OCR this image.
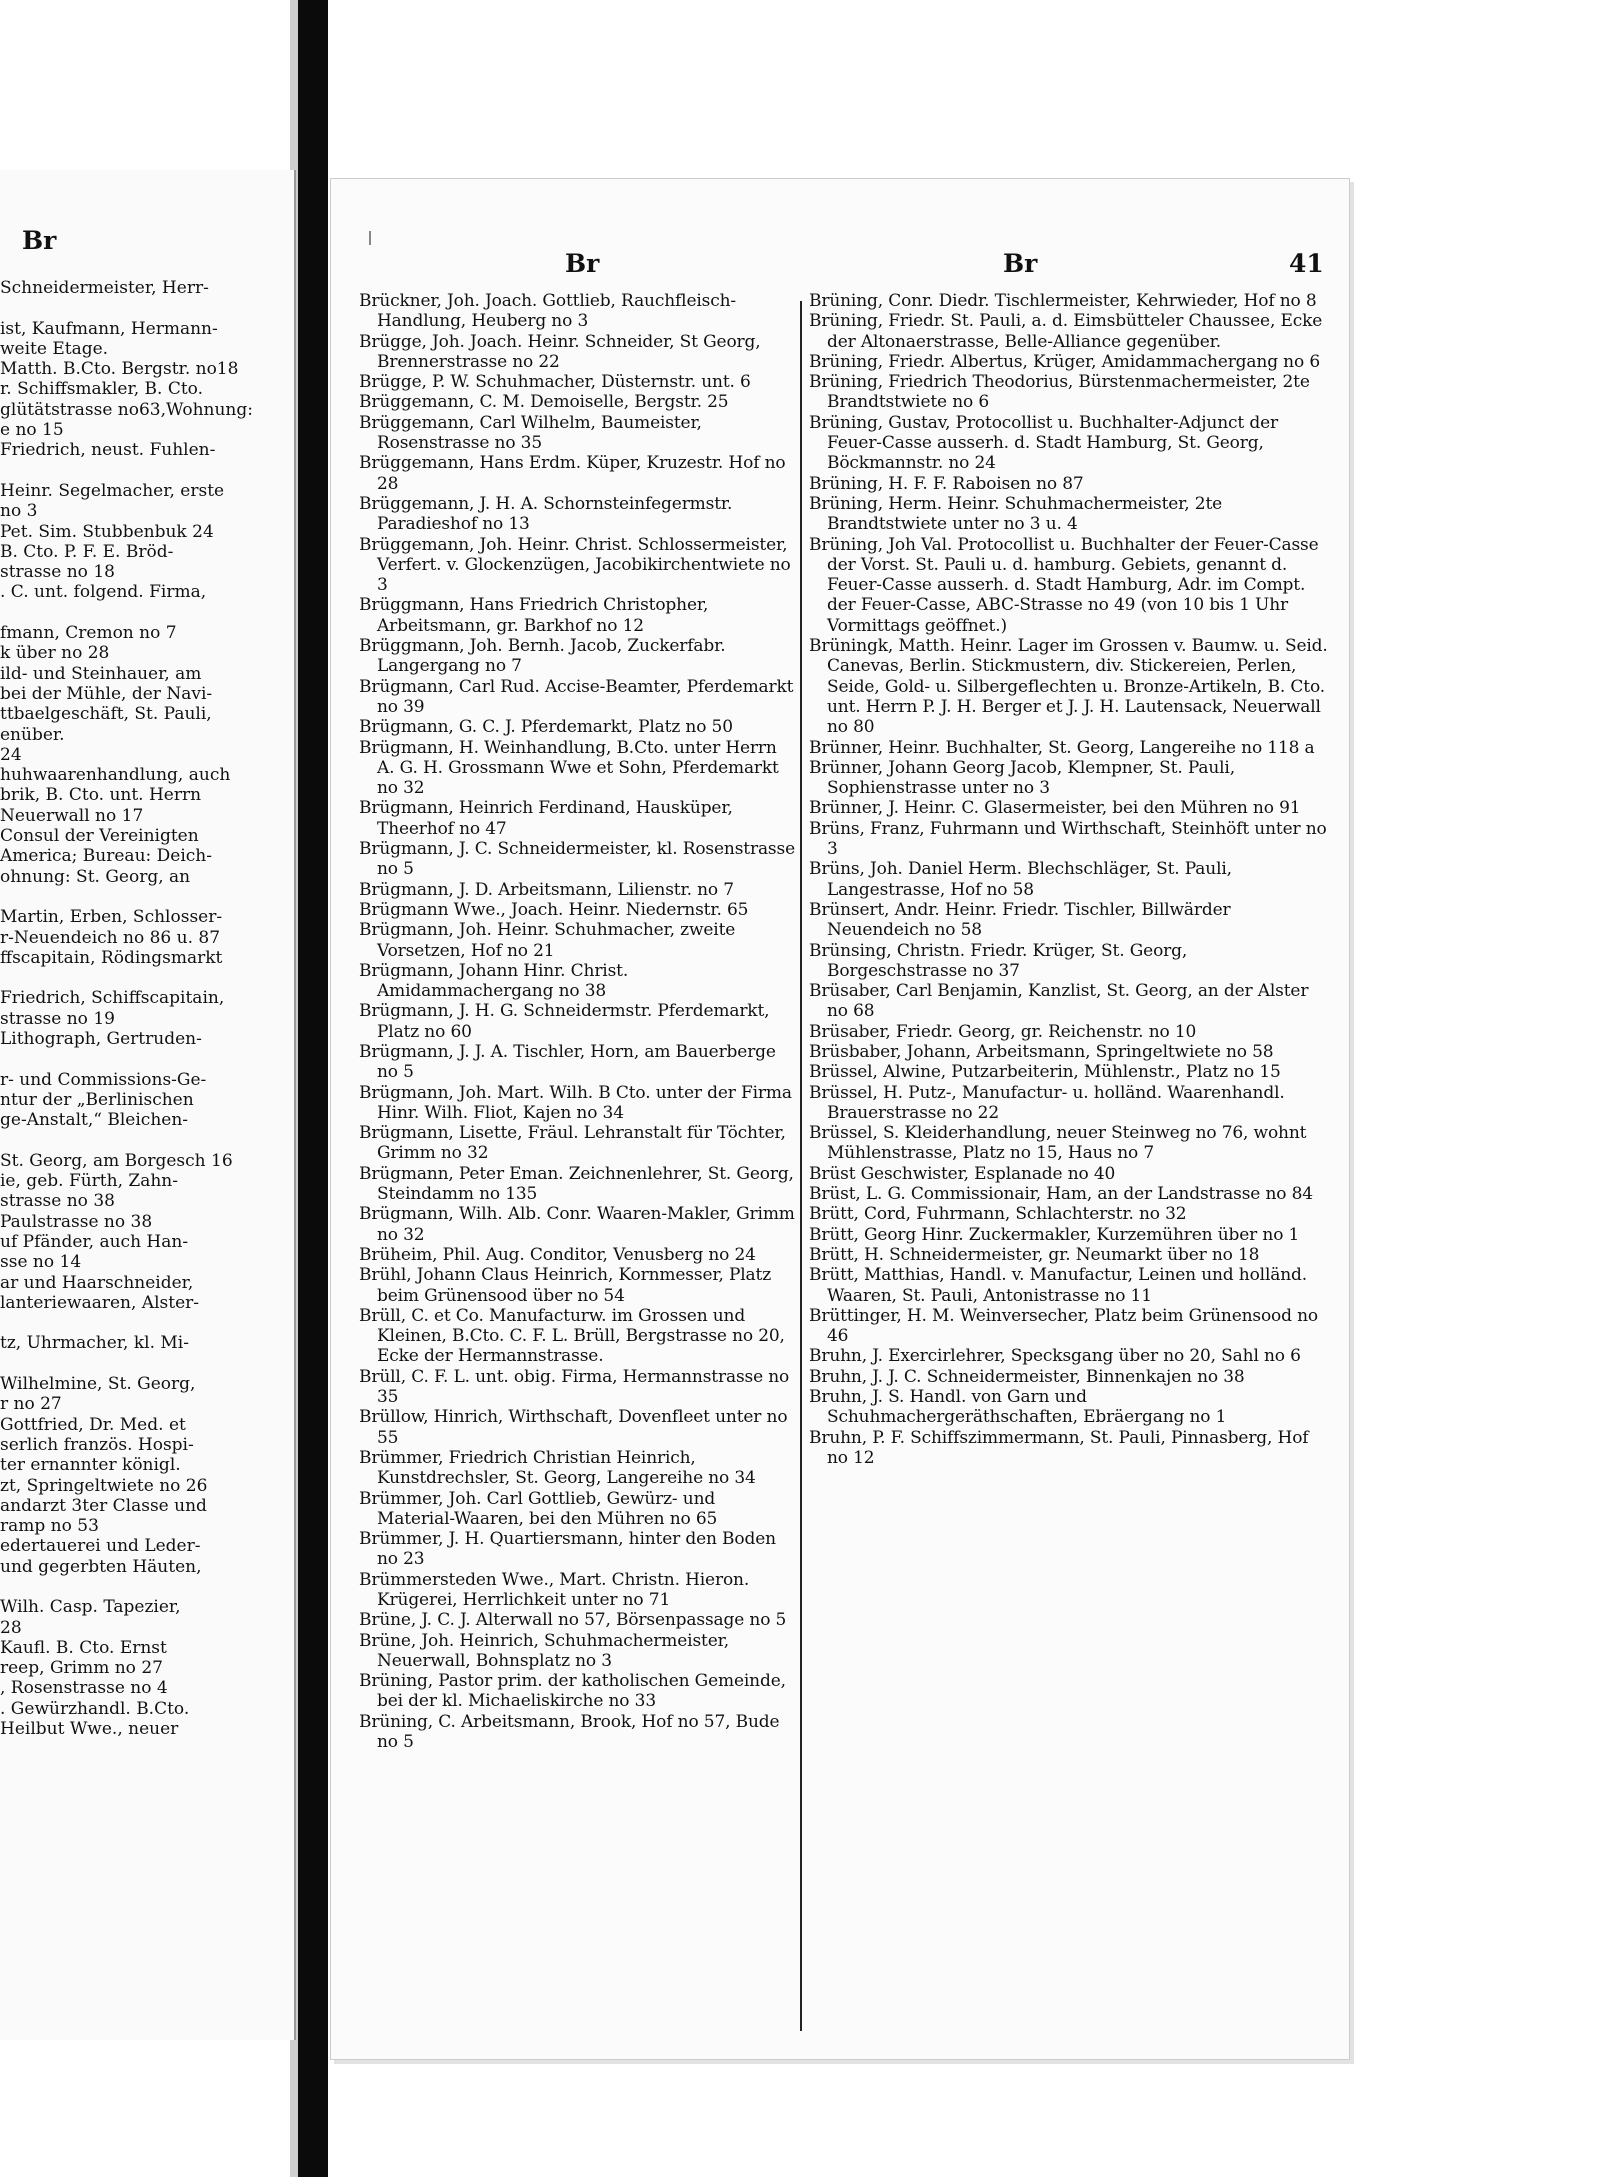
Br
Schneidermeister, Herr-

ist, Kaufmann, Hermann-
weite Etage.
Matth. B.Cto. Bergstr. no18
r. Schiffsmakler, B. Cto.
glütätstrasse no63,Wohnung:
e no 15
Friedrich, neust. Fuhlen-

Heinr. Segelmacher, erste
no 3
Pet. Sim. Stubbenbuk 24
B. Cto. P. F. E. Bröd-
strasse no 18
. C. unt. folgend. Firma,

fmann, Cremon no 7
k über no 28
ild- und Steinhauer, am
bei der Mühle, der Navi-
ttbaelgeschäft, St. Pauli,
enüber.
24
huhwaarenhandlung, auch
brik, B. Cto. unt. Herrn
Neuerwall no 17
Consul der Vereinigten
America; Bureau: Deich-
ohnung: St. Georg, an

Martin, Erben, Schlosser-
r-Neuendeich no 86 u. 87
ffscapitain, Rödingsmarkt

Friedrich, Schiffscapitain,
strasse no 19
Lithograph, Gertruden-

r- und Commissions-Ge-
ntur der „Berlinischen
ge-Anstalt,“ Bleichen-

St. Georg, am Borgesch 16
ie, geb. Fürth, Zahn-
strasse no 38
Paulstrasse no 38
uf Pfänder, auch Han-
sse no 14
ar und Haarschneider,
lanteriewaaren, Alster-

tz, Uhrmacher, kl. Mi-

Wilhelmine, St. Georg,
r no 27
Gottfried, Dr. Med. et
serlich französ. Hospi-
ter ernannter königl.
zt, Springeltwiete no 26
andarzt 3ter Classe und
ramp no 53
edertauerei und Leder-
und gegerbten Häuten,

Wilh. Casp. Tapezier,
28
Kaufl. B. Cto. Ernst
reep, Grimm no 27
, Rosenstrasse no 4
. Gewürzhandl. B.Cto.
Heilbut Wwe., neuer
Br	Br	41
Brückner, Joh. Joach. Gottlieb, Rauchfleisch-Handlung, Heuberg no 3
Brügge, Joh. Joach. Heinr. Schneider, St Georg, Brennerstrasse no 22
Brügge, P. W. Schuhmacher, Düsternstr. unt. 6
Brüggemann, C. M. Demoiselle, Bergstr. 25
Brüggemann, Carl Wilhelm, Baumeister, Rosenstrasse no 35
Brüggemann, Hans Erdm. Küper, Kruzestr. Hof no 28
Brüggemann, J. H. A. Schornsteinfegermstr. Paradieshof no 13
Brüggemann, Joh. Heinr. Christ. Schlossermeister, Verfert. v. Glockenzügen, Jacobikirchentwiete no 3
Brüggmann, Hans Friedrich Christopher, Arbeitsmann, gr. Barkhof no 12
Brüggmann, Joh. Bernh. Jacob, Zuckerfabr. Langergang no 7
Brügmann, Carl Rud. Accise-Beamter, Pferdemarkt no 39
Brügmann, G. C. J. Pferdemarkt, Platz no 50
Brügmann, H. Weinhandlung, B.Cto. unter Herrn A. G. H. Grossmann Wwe et Sohn, Pferdemarkt no 32
Brügmann, Heinrich Ferdinand, Hausküper, Theerhof no 47
Brügmann, J. C. Schneidermeister, kl. Rosenstrasse no 5
Brügmann, J. D. Arbeitsmann, Lilienstr. no 7
Brügmann Wwe., Joach. Heinr. Niedernstr. 65
Brügmann, Joh. Heinr. Schuhmacher, zweite Vorsetzen, Hof no 21
Brügmann, Johann Hinr. Christ. Amidammachergang no 38
Brügmann, J. H. G. Schneidermstr. Pferdemarkt, Platz no 60
Brügmann, J. J. A. Tischler, Horn, am Bauerberge no 5
Brügmann, Joh. Mart. Wilh. B Cto. unter der Firma Hinr. Wilh. Fliot, Kajen no 34
Brügmann, Lisette, Fräul. Lehranstalt für Töchter, Grimm no 32
Brügmann, Peter Eman. Zeichnenlehrer, St. Georg, Steindamm no 135
Brügmann, Wilh. Alb. Conr. Waaren-Makler, Grimm no 32
Brüheim, Phil. Aug. Conditor, Venusberg no 24
Brühl, Johann Claus Heinrich, Kornmesser, Platz beim Grünensood über no 54
Brüll, C. et Co. Manufacturw. im Grossen und Kleinen, B.Cto. C. F. L. Brüll, Bergstrasse no 20, Ecke der Hermannstrasse.
Brüll, C. F. L. unt. obig. Firma, Hermannstrasse no 35
Brüllow, Hinrich, Wirthschaft, Dovenfleet unter no 55
Brümmer, Friedrich Christian Heinrich, Kunstdrechsler, St. Georg, Langereihe no 34
Brümmer, Joh. Carl Gottlieb, Gewürz- und Material-Waaren, bei den Mühren no 65
Brümmer, J. H. Quartiersmann, hinter den Boden no 23
Brümmersteden Wwe., Mart. Christn. Hieron. Krügerei, Herrlichkeit unter no 71
Brüne, J. C. J. Alterwall no 57, Börsenpassage no 5
Brüne, Joh. Heinrich, Schuhmachermeister, Neuerwall, Bohnsplatz no 3
Brüning, Pastor prim. der katholischen Gemeinde, bei der kl. Michaeliskirche no 33
Brüning, C. Arbeitsmann, Brook, Hof no 57, Bude no 5
Brüning, Conr. Diedr. Tischlermeister, Kehrwieder, Hof no 8
Brüning, Friedr. St. Pauli, a. d. Eimsbütteler Chaussee, Ecke der Altonaerstrasse, Belle-Alliance gegenüber.
Brüning, Friedr. Albertus, Krüger, Amidammachergang no 6
Brüning, Friedrich Theodorius, Bürstenmachermeister, 2te Brandtstwiete no 6
Brüning, Gustav, Protocollist u. Buchhalter-Adjunct der Feuer-Casse ausserh. d. Stadt Hamburg, St. Georg, Böckmannstr. no 24
Brüning, H. F. F. Raboisen no 87
Brüning, Herm. Heinr. Schuhmachermeister, 2te Brandtstwiete unter no 3 u. 4
Brüning, Joh Val. Protocollist u. Buchhalter der Feuer-Casse der Vorst. St. Pauli u. d. hamburg. Gebiets, genannt d. Feuer-Casse ausserh. d. Stadt Hamburg, Adr. im Compt. der Feuer-Casse, ABC-Strasse no 49 (von 10 bis 1 Uhr Vormittags geöffnet.)
Brüningk, Matth. Heinr. Lager im Grossen v. Baumw. u. Seid. Canevas, Berlin. Stickmustern, div. Stickereien, Perlen, Seide, Gold- u. Silbergeflechten u. Bronze-Artikeln, B. Cto. unt. Herrn P. J. H. Berger et J. J. H. Lautensack, Neuerwall no 80
Brünner, Heinr. Buchhalter, St. Georg, Langereihe no 118 a
Brünner, Johann Georg Jacob, Klempner, St. Pauli, Sophienstrasse unter no 3
Brünner, J. Heinr. C. Glasermeister, bei den Mühren no 91
Brüns, Franz, Fuhrmann und Wirthschaft, Steinhöft unter no 3
Brüns, Joh. Daniel Herm. Blechschläger, St. Pauli, Langestrasse, Hof no 58
Brünsert, Andr. Heinr. Friedr. Tischler, Billwärder Neuendeich no 58
Brünsing, Christn. Friedr. Krüger, St. Georg, Borgeschstrasse no 37
Brüsaber, Carl Benjamin, Kanzlist, St. Georg, an der Alster no 68
Brüsaber, Friedr. Georg, gr. Reichenstr. no 10
Brüsbaber, Johann, Arbeitsmann, Springeltwiete no 58
Brüssel, Alwine, Putzarbeiterin, Mühlenstr., Platz no 15
Brüssel, H. Putz-, Manufactur- u. holländ. Waarenhandl. Brauerstrasse no 22
Brüssel, S. Kleiderhandlung, neuer Steinweg no 76, wohnt Mühlenstrasse, Platz no 15, Haus no 7
Brüst Geschwister, Esplanade no 40
Brüst, L. G. Commissionair, Ham, an der Landstrasse no 84
Brütt, Cord, Fuhrmann, Schlachterstr. no 32
Brütt, Georg Hinr. Zuckermakler, Kurzemühren über no 1
Brütt, H. Schneidermeister, gr. Neumarkt über no 18
Brütt, Matthias, Handl. v. Manufactur, Leinen und holländ. Waaren, St. Pauli, Antonistrasse no 11
Brüttinger, H. M. Weinversecher, Platz beim Grünensood no 46
Bruhn, J. Exercirlehrer, Specksgang über no 20, Sahl no 6
Bruhn, J. J. C. Schneidermeister, Binnenkajen no 38
Bruhn, J. S. Handl. von Garn und Schuhmachergeräthschaften, Ebräergang no 1
Bruhn, P. F. Schiffszimmermann, St. Pauli, Pinnasberg, Hof no 12
